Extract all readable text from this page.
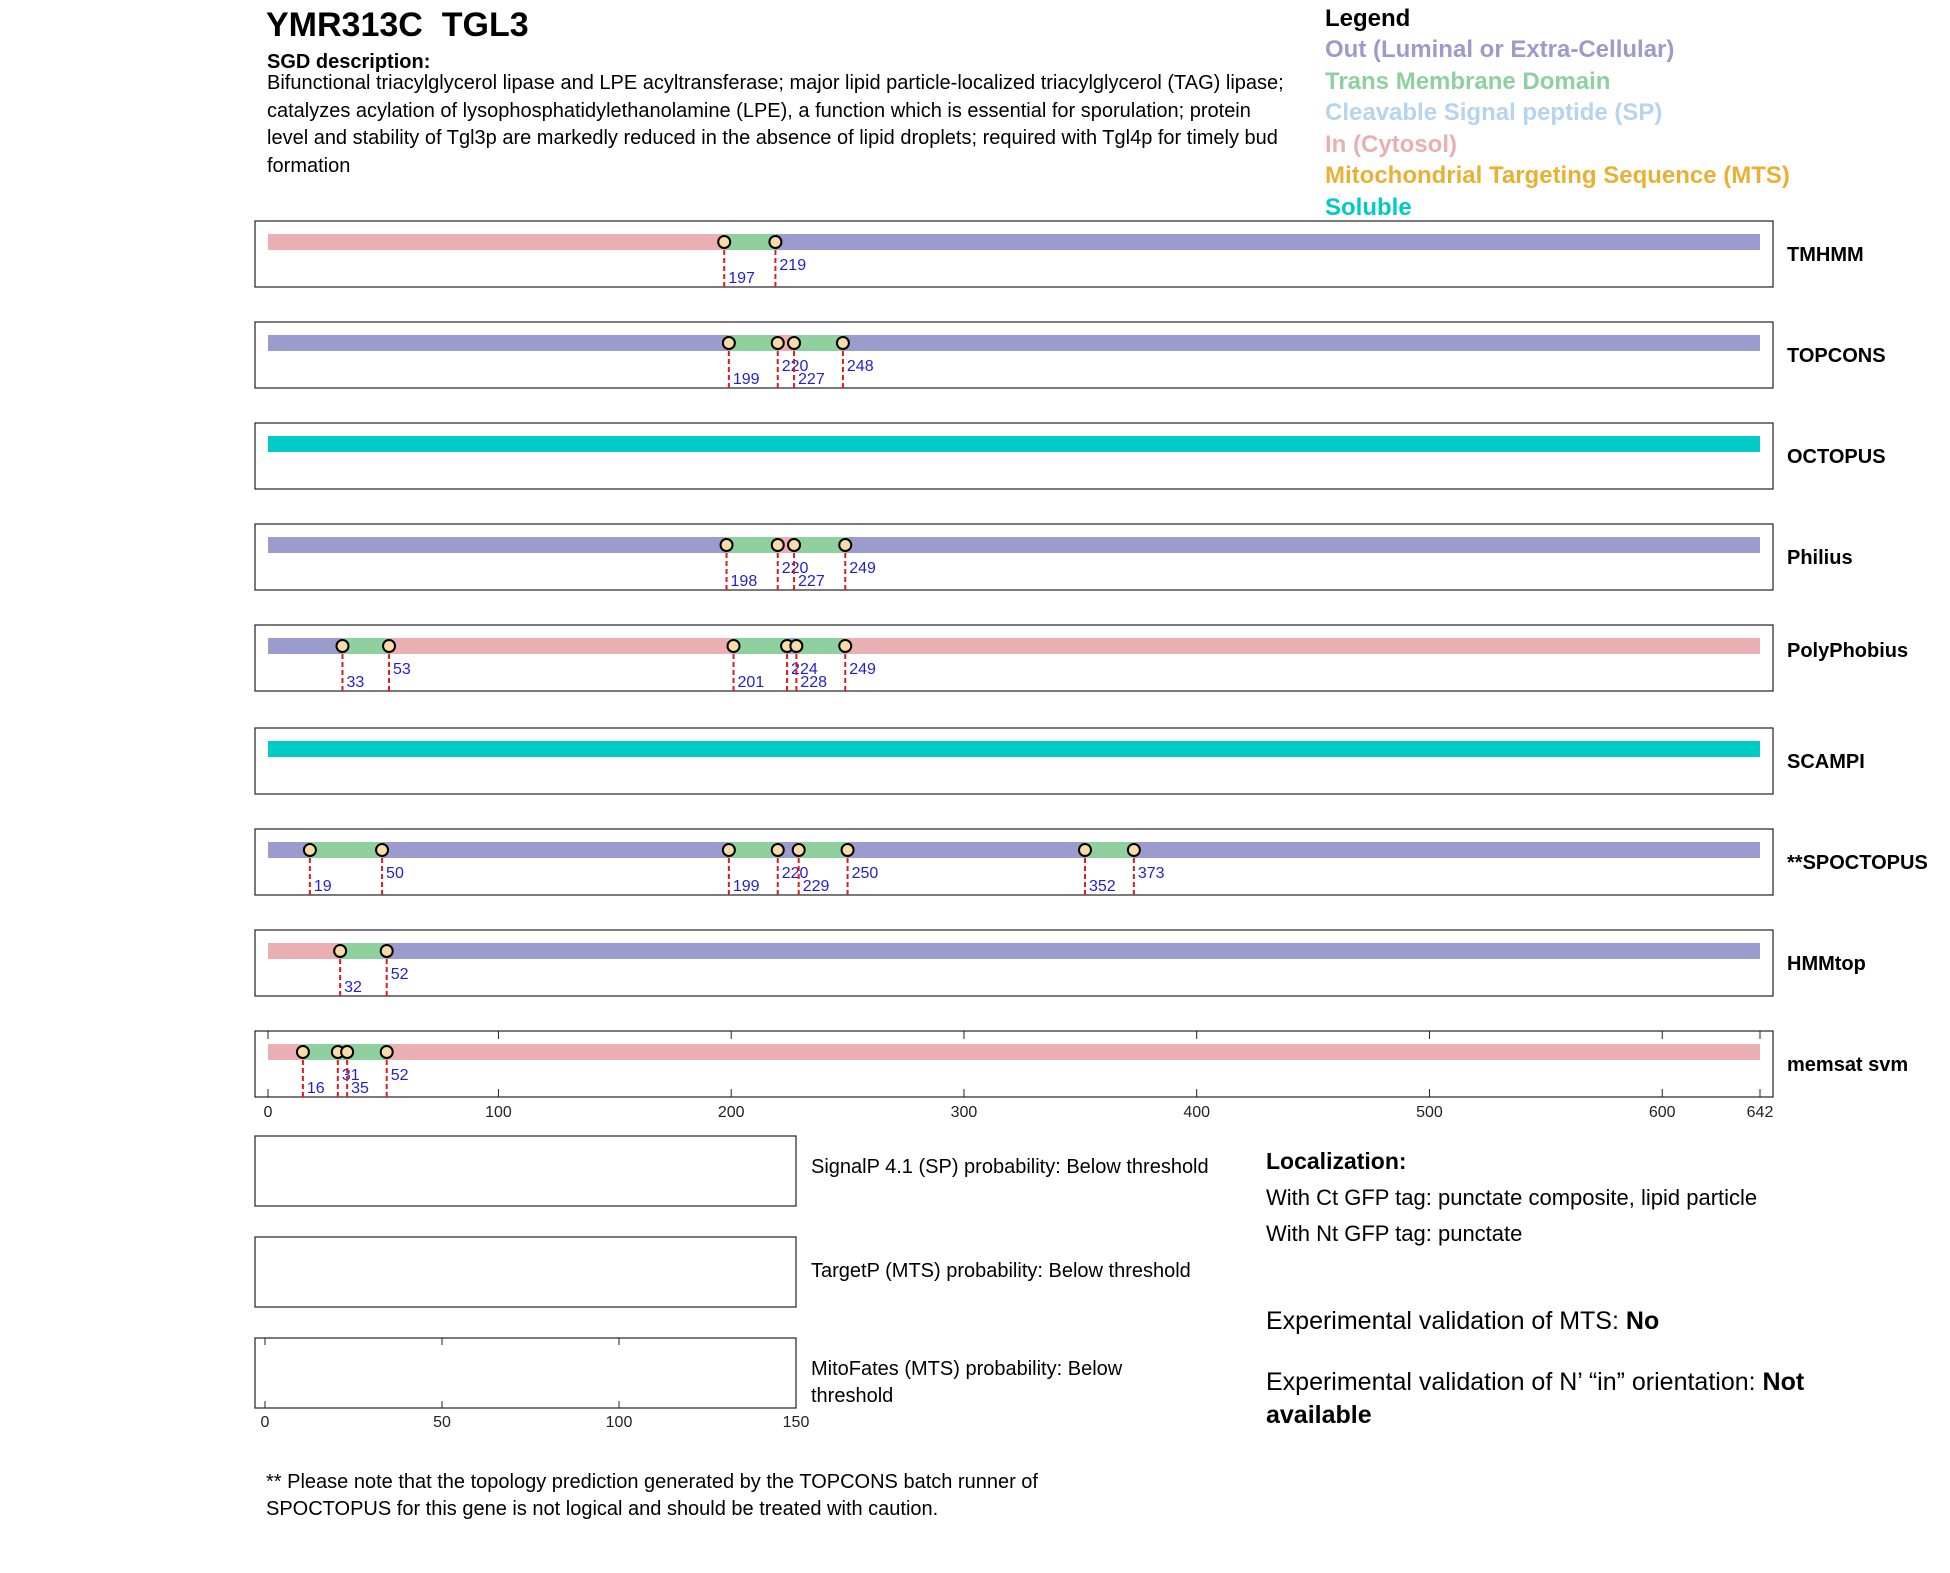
YMR313C  TGL3
SGD description:
Bifunctional triacylglycerol lipase and LPE acyltransferase; major lipid particle-localized triacylglycerol (TAG) lipase; catalyzes acylation of lysophosphatidylethanolamine (LPE), a function which is essential for sporulation; protein level and stability of Tgl3p are markedly reduced in the absence of lipid droplets; required with Tgl4p for timely bud formation
Legend
Out (Luminal or Extra-Cellular)
Trans Membrane Domain
Cleavable Signal peptide (SP)
In (Cytosol)
Mitochondrial Targeting Sequence (MTS)
Soluble
TMHMM
197
219
TOPCONS
199
220
227
248
OCTOPUS
Philius
198
220
227
249
PolyPhobius
33
53
201
224
228
249
SCAMPI
**SPOCTOPUS
19
50
199
220
229
250
352
373
HMMtop
32
52
memsat svm
16
31
35
52
0	100	200	300	400	500	600	642
SignalP 4.1 (SP) probability: Below threshold
TargetP (MTS) probability: Below threshold
MitoFates (MTS) probability: Below
threshold
0	50	100	150
Localization:
With Ct GFP tag: punctate composite, lipid particle
With Nt GFP tag: punctate
Experimental validation of MTS: No
Experimental validation of N’ “in” orientation: Not available
** Please note that the topology prediction generated by the TOPCONS batch runner of SPOCTOPUS for this gene is not logical and should be treated with caution.
